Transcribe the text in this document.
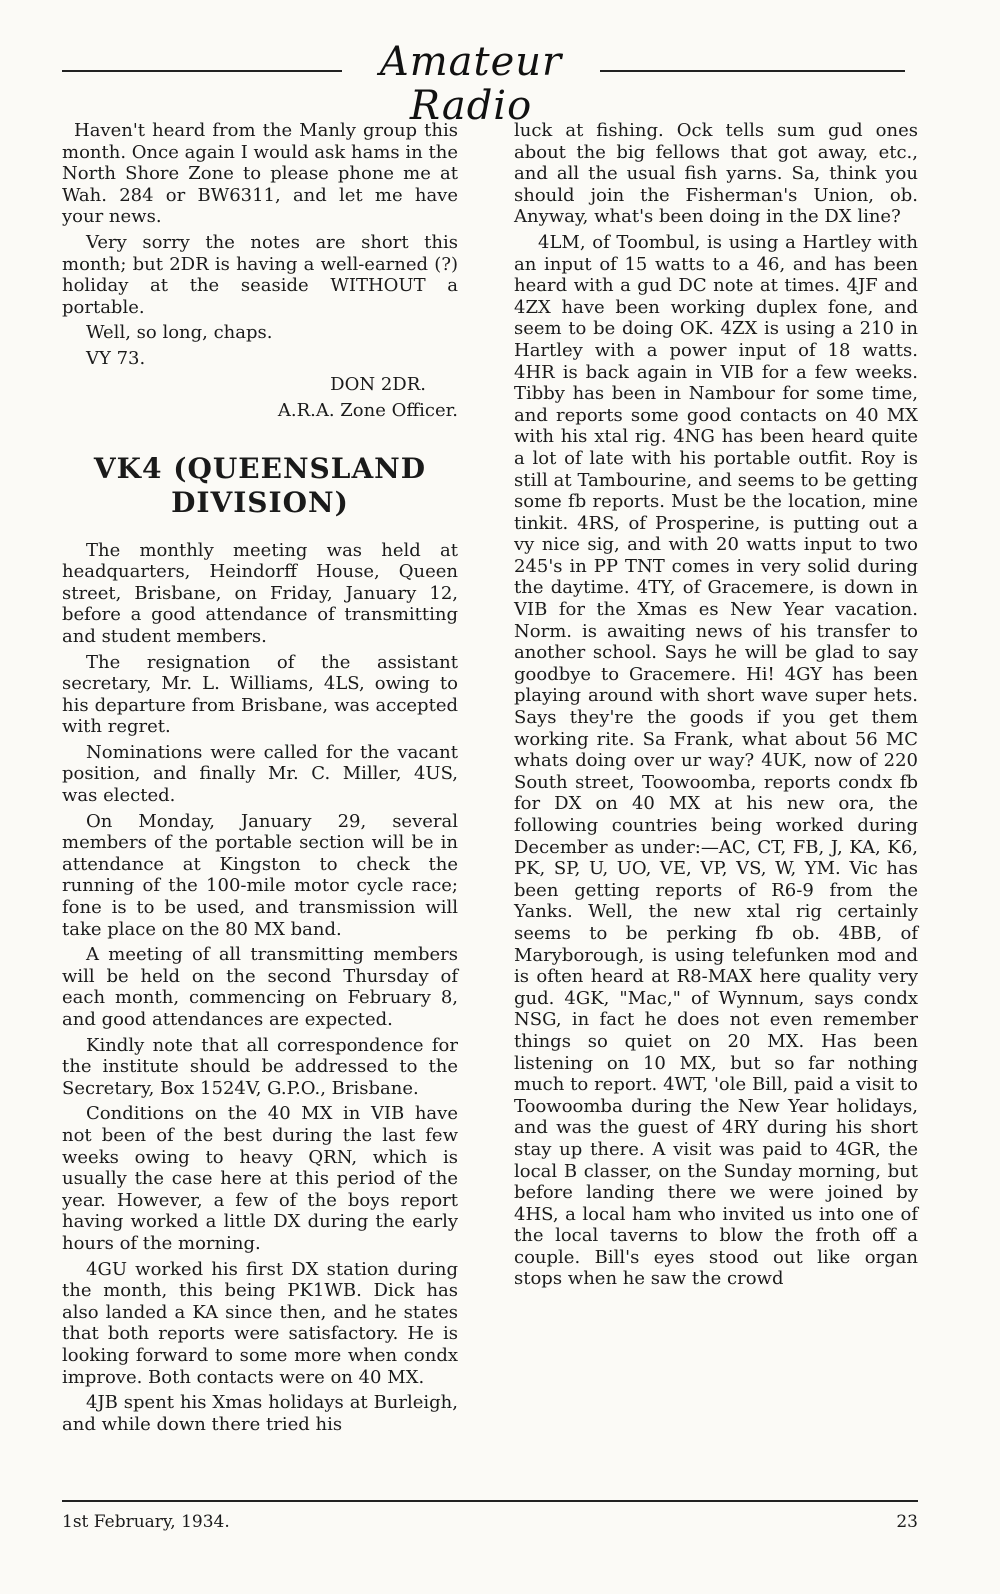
Amateur Radio

Haven't heard from the Manly group this month. Once again I would ask hams in the North Shore Zone to please phone me at Wah. 284 or BW6311, and let me have your news.

Very sorry the notes are short this month; but 2DR is having a well-earned (?) holiday at the seaside WITHOUT a portable.

Well, so long, chaps.

VY 73.

DON 2DR.

A.R.A. Zone Officer.

VK4 (QUEENSLAND
DIVISION)

The monthly meeting was held at headquarters, Heindorff House, Queen street, Brisbane, on Friday, January 12, before a good attendance of transmitting and student members.

The resignation of the assistant secretary, Mr. L. Williams, 4LS, owing to his departure from Brisbane, was accepted with regret.

Nominations were called for the vacant position, and finally Mr. C. Miller, 4US, was elected.

On Monday, January 29, several members of the portable section will be in attendance at Kingston to check the running of the 100-mile motor cycle race; fone is to be used, and transmission will take place on the 80 MX band.

A meeting of all transmitting members will be held on the second Thursday of each month, commencing on February 8, and good attendances are expected.

Kindly note that all correspondence for the institute should be addressed to the Secretary, Box 1524V, G.P.O., Brisbane.

Conditions on the 40 MX in VIB have not been of the best during the last few weeks owing to heavy QRN, which is usually the case here at this period of the year. However, a few of the boys report having worked a little DX during the early hours of the morning.

4GU worked his first DX station during the month, this being PK1WB. Dick has also landed a KA since then, and he states that both reports were satisfactory. He is looking forward to some more when condx improve. Both contacts were on 40 MX.

4JB spent his Xmas holidays at Burleigh, and while down there tried his

luck at fishing. Ock tells sum gud ones about the big fellows that got away, etc., and all the usual fish yarns. Sa, think you should join the Fisherman's Union, ob. Anyway, what's been doing in the DX line?

4LM, of Toombul, is using a Hartley with an input of 15 watts to a 46, and has been heard with a gud DC note at times. 4JF and 4ZX have been working duplex fone, and seem to be doing OK. 4ZX is using a 210 in Hartley with a power input of 18 watts. 4HR is back again in VIB for a few weeks. Tibby has been in Nambour for some time, and reports some good contacts on 40 MX with his xtal rig. 4NG has been heard quite a lot of late with his portable outfit. Roy is still at Tambourine, and seems to be getting some fb reports. Must be the location, mine tinkit. 4RS, of Prosperine, is putting out a vy nice sig, and with 20 watts input to two 245's in PP TNT comes in very solid during the daytime. 4TY, of Gracemere, is down in VIB for the Xmas es New Year vacation. Norm. is awaiting news of his transfer to another school. Says he will be glad to say goodbye to Gracemere. Hi! 4GY has been playing around with short wave super hets. Says they're the goods if you get them working rite. Sa Frank, what about 56 MC whats doing over ur way? 4UK, now of 220 South street, Toowoomba, reports condx fb for DX on 40 MX at his new ora, the following countries being worked during December as under:—AC, CT, FB, J, KA, K6, PK, SP, U, UO, VE, VP, VS, W, YM. Vic has been getting reports of R6-9 from the Yanks. Well, the new xtal rig certainly seems to be perking fb ob. 4BB, of Maryborough, is using telefunken mod and is often heard at R8-MAX here quality very gud. 4GK, "Mac," of Wynnum, says condx NSG, in fact he does not even remember things so quiet on 20 MX. Has been listening on 10 MX, but so far nothing much to report. 4WT, 'ole Bill, paid a visit to Toowoomba during the New Year holidays, and was the guest of 4RY during his short stay up there. A visit was paid to 4GR, the local B classer, on the Sunday morning, but before landing there we were joined by 4HS, a local ham who invited us into one of the local taverns to blow the froth off a couple. Bill's eyes stood out like organ stops when he saw the crowd

1st February, 1934.	23
